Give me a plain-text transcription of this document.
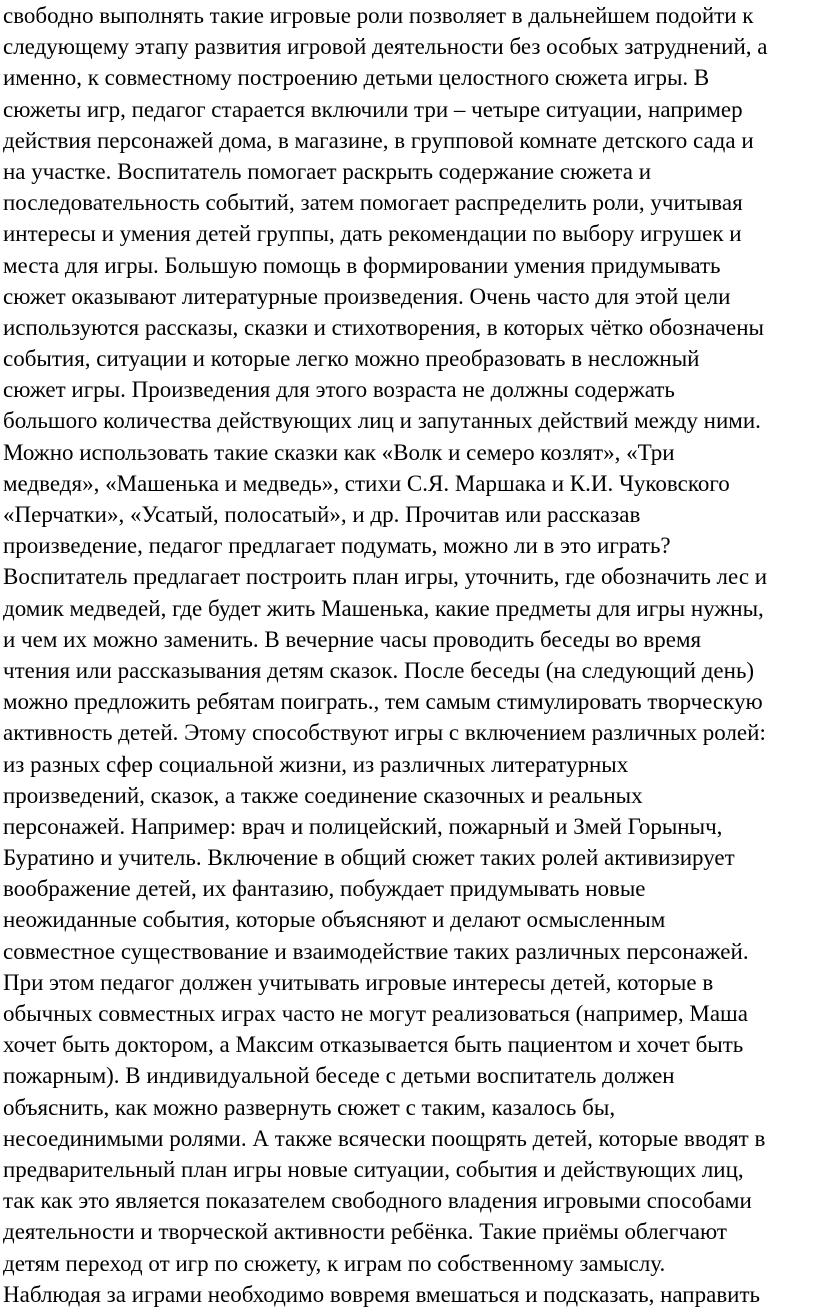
свободно выполнять такие игровые роли позволяет в дальнейшем подойти к
следующему этапу развития игровой деятельности без особых затруднений, а
именно, к совместному построению детьми целостного сюжета игры. В
сюжеты игр, педагог старается включили три – четыре ситуации, например
действия персонажей дома, в магазине, в групповой комнате детского сада и
на участке. Воспитатель помогает раскрыть содержание сюжета и
последовательность событий, затем помогает распределить роли, учитывая
интересы и умения детей группы, дать рекомендации по выбору игрушек и
места для игры. Большую помощь в формировании умения придумывать
сюжет оказывают литературные произведения. Очень часто для этой цели
используются рассказы, сказки и стихотворения, в которых чётко обозначены
события, ситуации и которые легко можно преобразовать в несложный
сюжет игры. Произведения для этого возраста не должны содержать
большого количества действующих лиц и запутанных действий между ними.
Можно использовать такие сказки как «Волк и семеро козлят», «Три
медведя», «Машенька и медведь», стихи С.Я. Маршака и К.И. Чуковского
«Перчатки», «Усатый, полосатый», и др. Прочитав или рассказав
произведение, педагог предлагает подумать, можно ли в это играть?
Воспитатель предлагает построить план игры, уточнить, где обозначить лес и
домик медведей, где будет жить Машенька, какие предметы для игры нужны,
и чем их можно заменить. В вечерние часы проводить беседы во время
чтения или рассказывания детям сказок. После беседы (на следующий день)
можно предложить ребятам поиграть., тем самым стимулировать творческую
активность детей. Этому способствуют игры с включением различных ролей:
из разных сфер социальной жизни, из различных литературных
произведений, сказок, а также соединение сказочных и реальных
персонажей. Например: врач и полицейский, пожарный и Змей Горыныч,
Буратино и учитель. Включение в общий сюжет таких ролей активизирует
воображение детей, их фантазию, побуждает придумывать новые
неожиданные события, которые объясняют и делают осмысленным
совместное существование и взаимодействие таких различных персонажей.
При этом педагог должен учитывать игровые интересы детей, которые в
обычных совместных играх часто не могут реализоваться (например, Маша
хочет быть доктором, а Максим отказывается быть пациентом и хочет быть
пожарным). В индивидуальной беседе с детьми воспитатель должен
объяснить, как можно развернуть сюжет с таким, казалось бы,
несоединимыми ролями. А также всячески поощрять детей, которые вводят в
предварительный план игры новые ситуации, события и действующих лиц,
так как это является показателем свободного владения игровыми способами
деятельности и творческой активности ребёнка. Такие приёмы облегчают
детям переход от игр по сюжету, к играм по собственному замыслу.
Наблюдая за играми необходимо вовремя вмешаться и подсказать, направить
